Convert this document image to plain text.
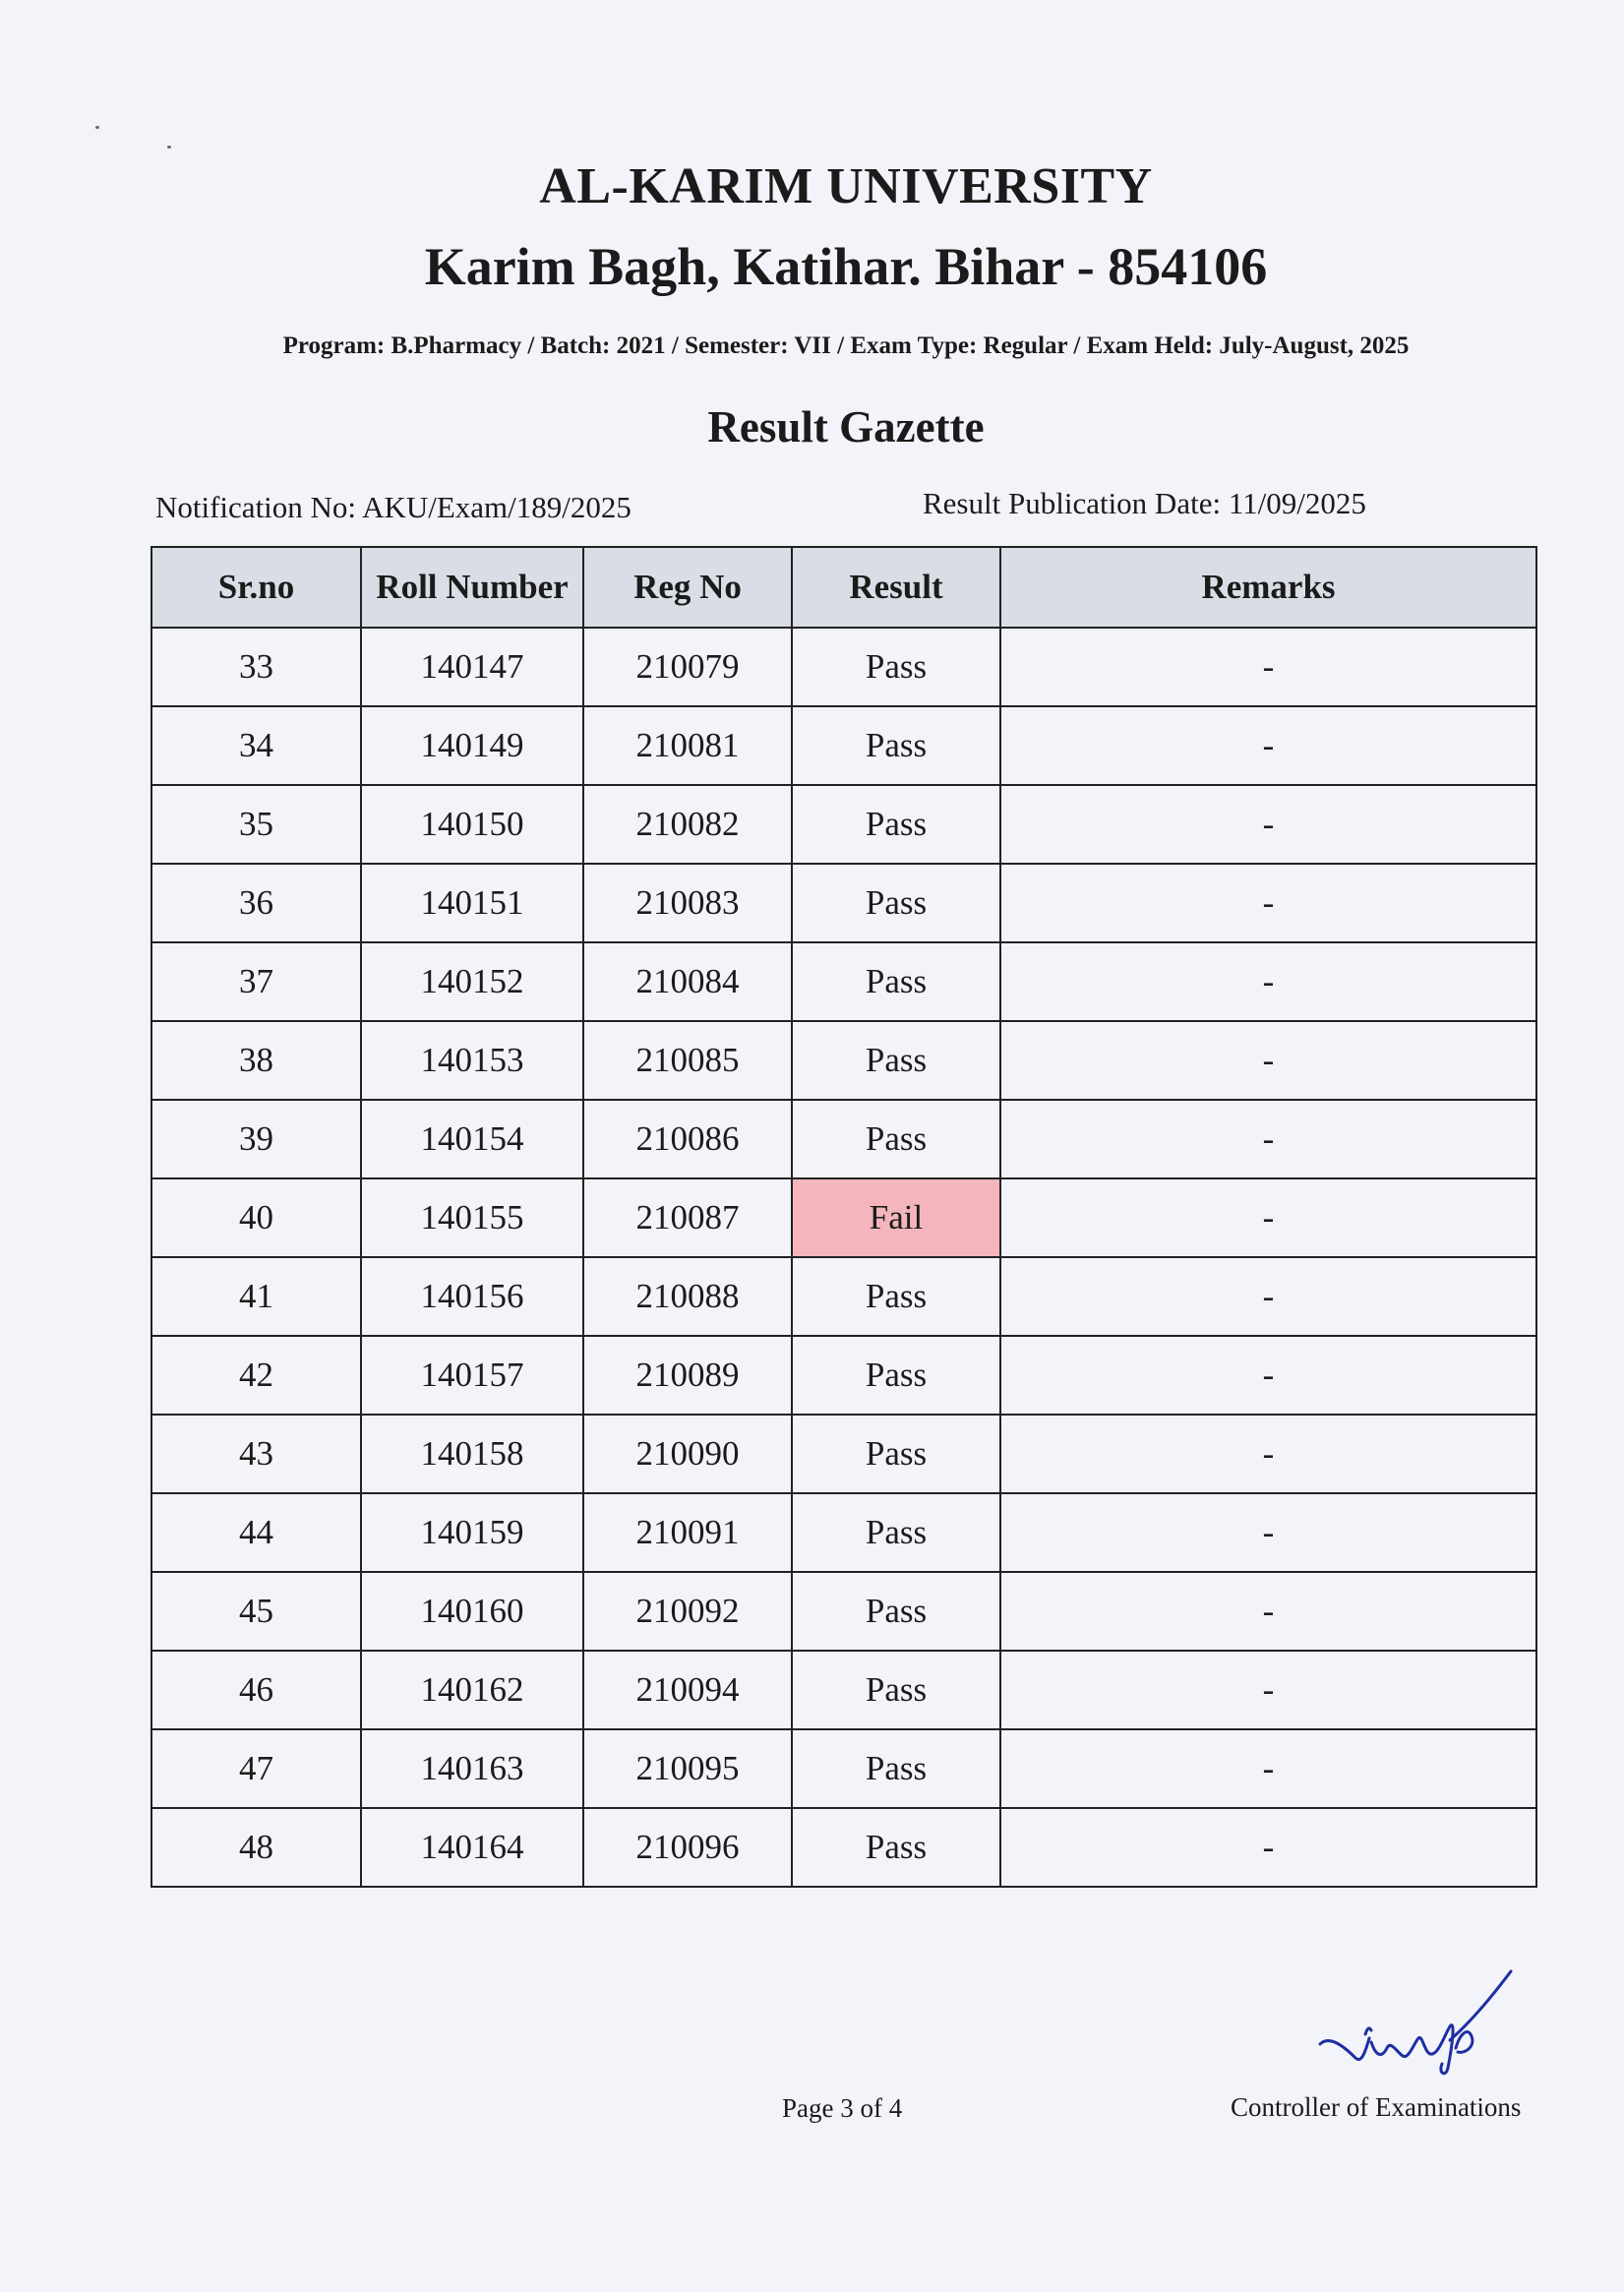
AL-KARIM UNIVERSITY
Karim Bagh, Katihar. Bihar - 854106
Program: B.Pharmacy / Batch: 2021 / Semester: VII / Exam Type: Regular / Exam Held: July-August, 2025
Result Gazette
Notification No: AKU/Exam/189/2025	Result Publication Date: 11/09/2025
Sr.no	Roll Number	Reg No	Result	Remarks
33	140147	210079	Pass	-
34	140149	210081	Pass	-
35	140150	210082	Pass	-
36	140151	210083	Pass	-
37	140152	210084	Pass	-
38	140153	210085	Pass	-
39	140154	210086	Pass	-
40	140155	210087	Fail	-
41	140156	210088	Pass	-
42	140157	210089	Pass	-
43	140158	210090	Pass	-
44	140159	210091	Pass	-
45	140160	210092	Pass	-
46	140162	210094	Pass	-
47	140163	210095	Pass	-
48	140164	210096	Pass	-
Page 3 of 4	Controller of Examinations
